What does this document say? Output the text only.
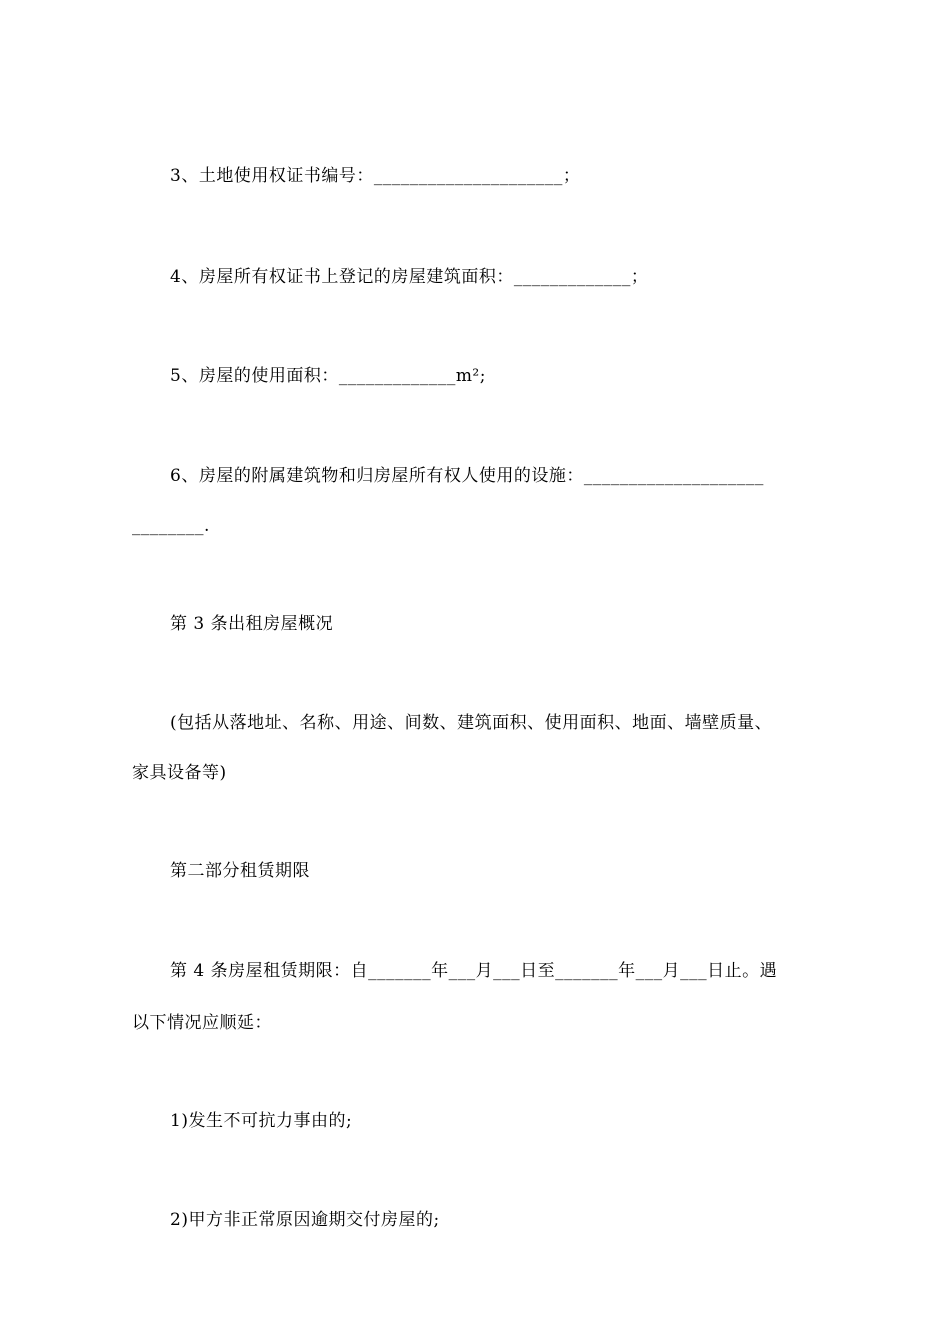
3、土地使用权证书编号：_____________________；
4、房屋所有权证书上登记的房屋建筑面积：_____________；
5、房屋的使用面积：_____________m²;
6、房屋的附属建筑物和归房屋所有权人使用的设施：____________________
________.
第 3 条出租房屋概况
(包括从落地址、名称、用途、间数、建筑面积、使用面积、地面、墙壁质量、
家具设备等)
第二部分租赁期限
第 4 条房屋租赁期限：自_______年___月___日至_______年___月___日止。遇
以下情况应顺延：
1)发生不可抗力事由的;
2)甲方非正常原因逾期交付房屋的;
